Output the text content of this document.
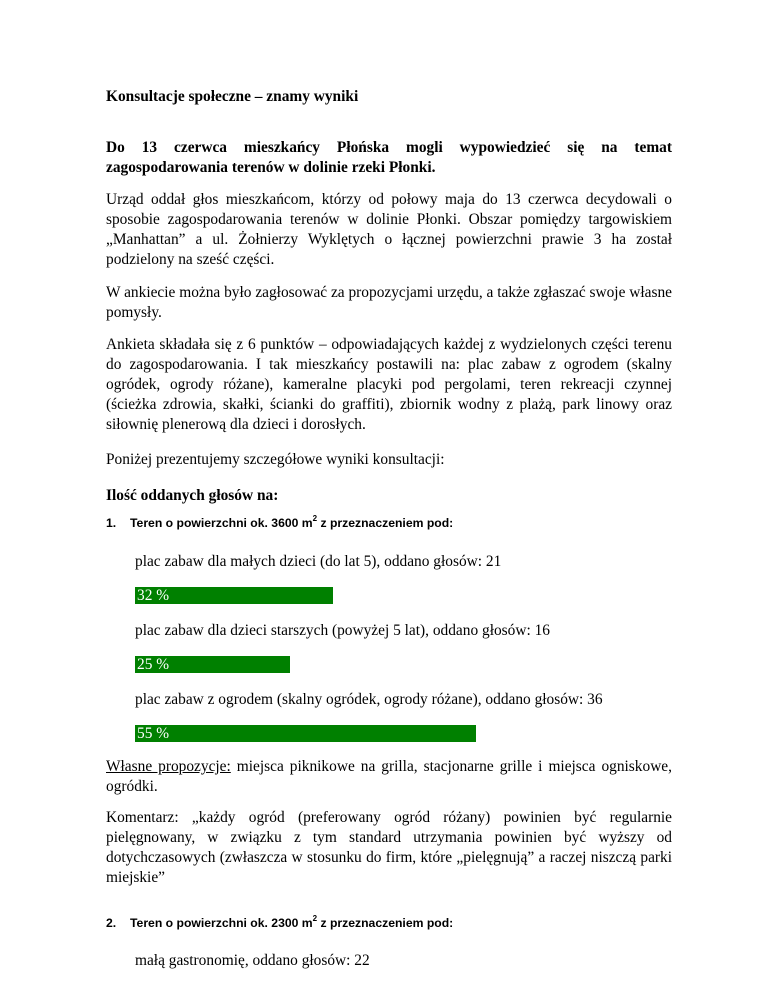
Konsultacje społeczne – znamy wyniki

Do 13 czerwca mieszkańcy Płońska mogli wypowiedzieć się na temat zagospodarowania terenów w dolinie rzeki Płonki.

Urząd oddał głos mieszkańcom, którzy od połowy maja do 13 czerwca decydowali o sposobie zagospodarowania terenów w dolinie Płonki. Obszar pomiędzy targowiskiem „Manhattan” a ul. Żołnierzy Wyklętych o łącznej powierzchni prawie 3 ha został podzielony na sześć części.

W ankiecie można było zagłosować za propozycjami urzędu, a także zgłaszać swoje własne pomysły.

Ankieta składała się z 6 punktów – odpowiadających każdej z wydzielonych części terenu do zagospodarowania. I tak mieszkańcy postawili na: plac zabaw z ogrodem (skalny ogródek, ogrody różane), kameralne placyki pod pergolami, teren rekreacji czynnej (ścieżka zdrowia, skałki, ścianki do graffiti), zbiornik wodny z plażą, park linowy oraz siłownię plenerową dla dzieci i dorosłych.

Poniżej prezentujemy szczegółowe wyniki konsultacji:

Ilość oddanych głosów na:

1. Teren o powierzchni ok. 3600 $m^2$ z przeznaczeniem pod:

plac zabaw dla małych dzieci (do lat 5), oddano głosów: 21

32 %

plac zabaw dla dzieci starszych (powyżej 5 lat), oddano głosów: 16

25 %

plac zabaw z ogrodem (skalny ogródek, ogrody różane), oddano głosów: 36

55 %

Własne propozycje: miejsca piknikowe na grilla, stacjonarne grille i miejsca ogniskowe, ogródki.

Komentarz: „każdy ogród (preferowany ogród różany) powinien być regularnie pielęgnowany, w związku z tym standard utrzymania powinien być wyższy od dotychczasowych (zwłaszcza w stosunku do firm, które „pielęgnują” a raczej niszczą parki miejskie”

2. Teren o powierzchni ok. 2300 $m^2$ z przeznaczeniem pod:

małą gastronomię, oddano głosów: 22
